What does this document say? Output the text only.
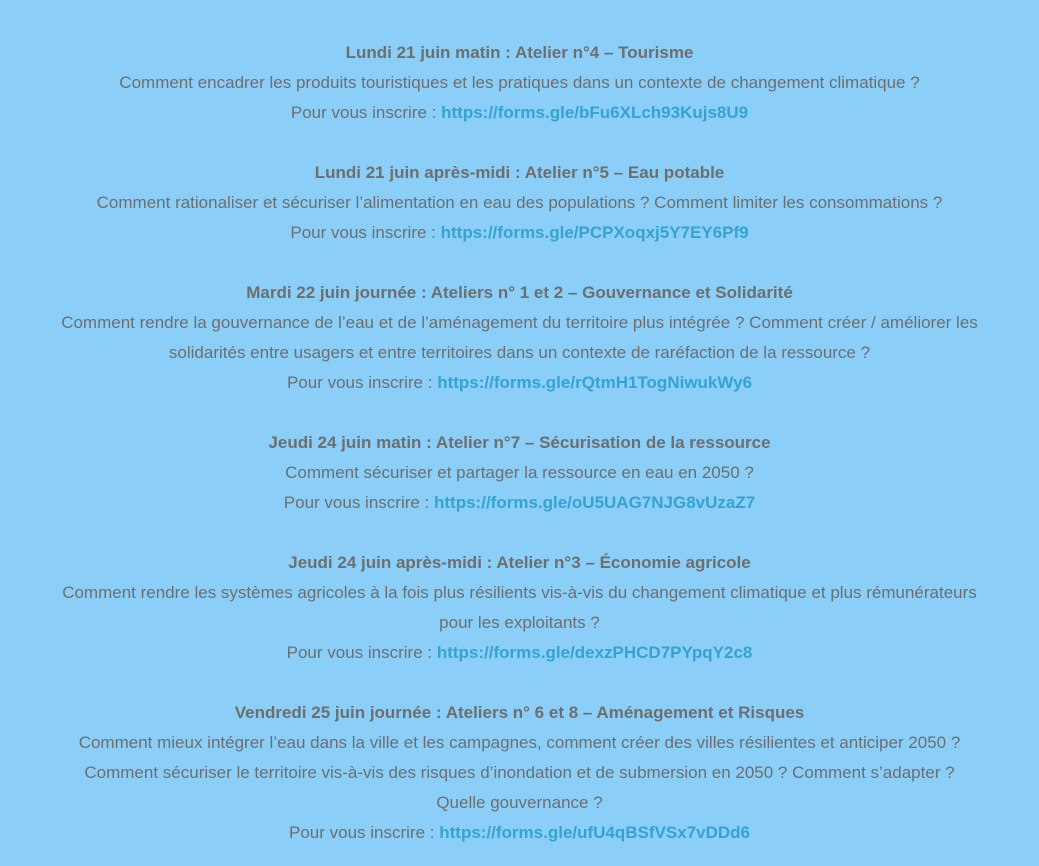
Lundi 21 juin matin : Atelier n°4 – Tourisme
Comment encadrer les produits touristiques et les pratiques dans un contexte de changement climatique ?
Pour vous inscrire : https://forms.gle/bFu6XLch93Kujs8U9
Lundi 21 juin après-midi : Atelier n°5 – Eau potable
Comment rationaliser et sécuriser l’alimentation en eau des populations ? Comment limiter les consommations ?
Pour vous inscrire : https://forms.gle/PCPXoqxj5Y7EY6Pf9
Mardi 22 juin journée : Ateliers n° 1 et 2 – Gouvernance et Solidarité
Comment rendre la gouvernance de l’eau et de l’aménagement du territoire plus intégrée ? Comment créer / améliorer les
solidarités entre usagers et entre territoires dans un contexte de raréfaction de la ressource ?
Pour vous inscrire : https://forms.gle/rQtmH1TogNiwukWy6
Jeudi 24 juin matin : Atelier n°7 – Sécurisation de la ressource
Comment sécuriser et partager la ressource en eau en 2050 ?
Pour vous inscrire : https://forms.gle/oU5UAG7NJG8vUzaZ7
Jeudi 24 juin après-midi : Atelier n°3 – Économie agricole
Comment rendre les systèmes agricoles à la fois plus résilients vis-à-vis du changement climatique et plus rémunérateurs
pour les exploitants ?
Pour vous inscrire : https://forms.gle/dexzPHCD7PYpqY2c8
Vendredi 25 juin journée : Ateliers n° 6 et 8 – Aménagement et Risques
Comment mieux intégrer l’eau dans la ville et les campagnes, comment créer des villes résilientes et anticiper 2050 ?
Comment sécuriser le territoire vis-à-vis des risques d’inondation et de submersion en 2050 ? Comment s’adapter ?
Quelle gouvernance ?
Pour vous inscrire : https://forms.gle/ufU4qBSfVSx7vDDd6
